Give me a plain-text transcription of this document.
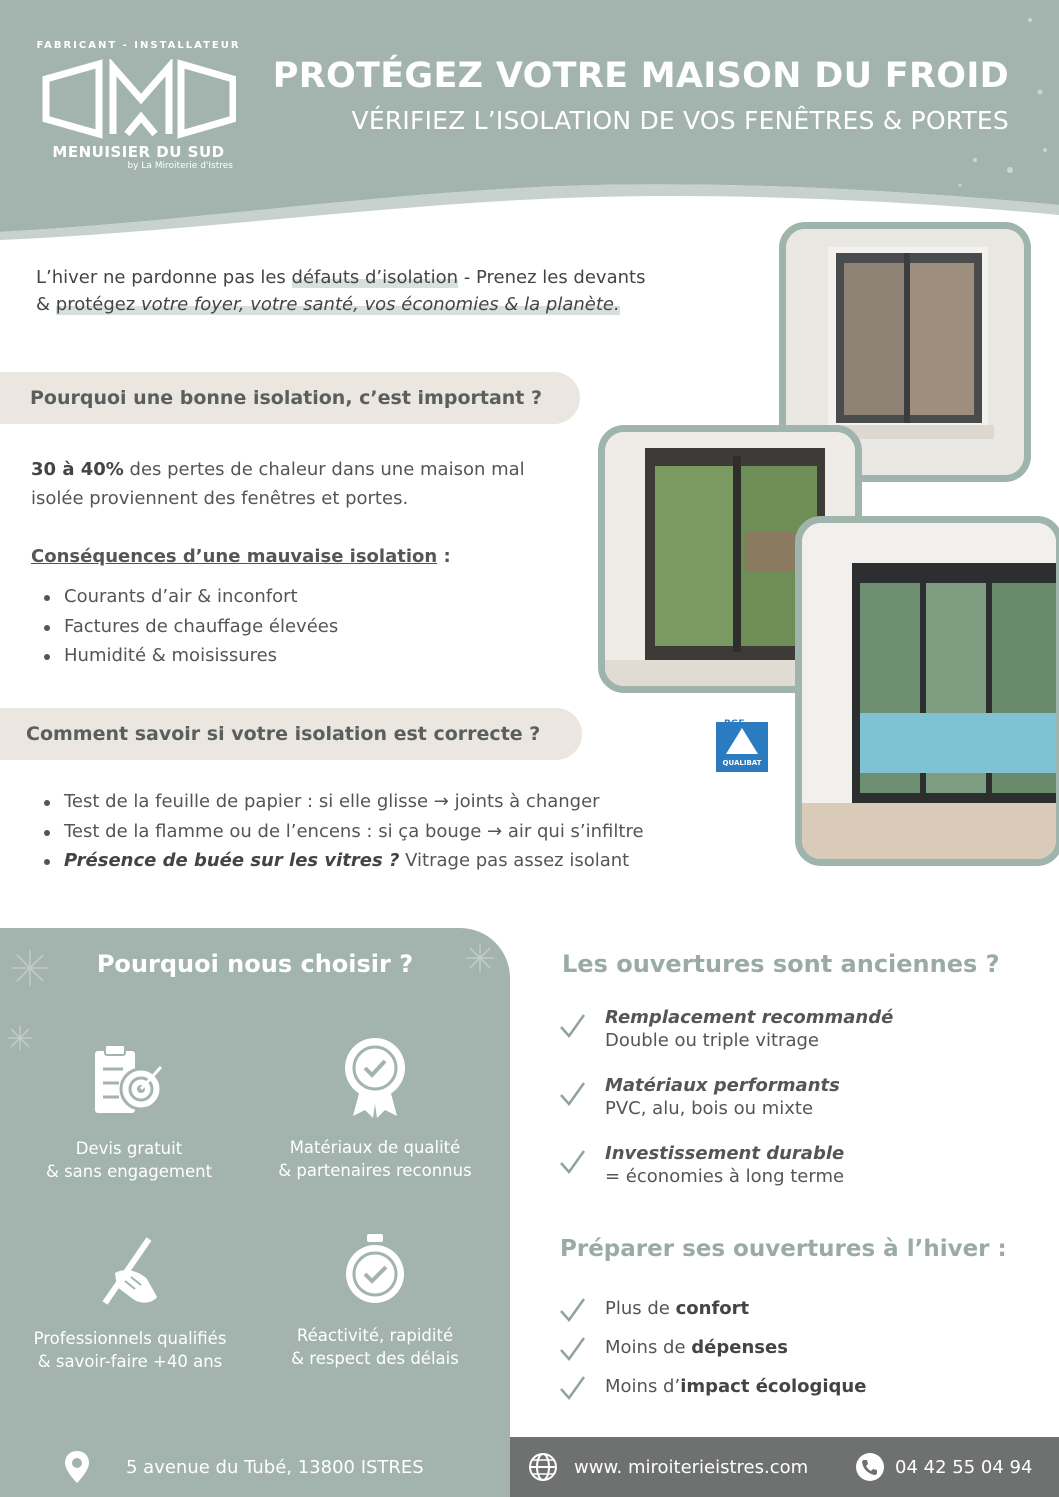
FABRICANT - INSTALLATEUR
MENUISIER DU SUD
by La Miroiterie d'Istres
PROTÉGEZ VOTRE MAISON DU FROID
VÉRIFIEZ L’ISOLATION DE VOS FENÊTRES & PORTES
L’hiver ne pardonne pas les défauts d’isolation - Prenez les devants
& protégez votre foyer, votre santé, vos économies & la planète.
Pourquoi une bonne isolation, c’est important ?
30 à 40% des pertes de chaleur dans une maison mal
isolée proviennent des fenêtres et portes.
Conséquences d’une mauvaise isolation :
Courants d’air & inconfort
Factures de chauffage élevées
Humidité & moisissures
Comment savoir si votre isolation est correcte ?
Test de la feuille de papier : si elle glisse → joints à changer
Test de la flamme ou de l’encens : si ça bouge → air qui s’infiltre
Présence de buée sur les vitres ? Vitrage pas assez isolant
RGE
QUALIBAT
Pourquoi nous choisir ?
Devis gratuit
& sans engagement
Matériaux de qualité
& partenaires reconnus
Professionnels qualifiés
& savoir-faire +40 ans
Réactivité, rapidité
& respect des délais
Les ouvertures sont anciennes ?
Remplacement recommandé
Double ou triple vitrage
Matériaux performants
PVC, alu, bois ou mixte
Investissement durable
= économies à long terme
Préparer ses ouvertures à l’hiver :
Plus de confort
Moins de dépenses
Moins d’impact écologique
5 avenue du Tubé, 13800 ISTRES	www. miroiterieistres.com	04 42 55 04 94
